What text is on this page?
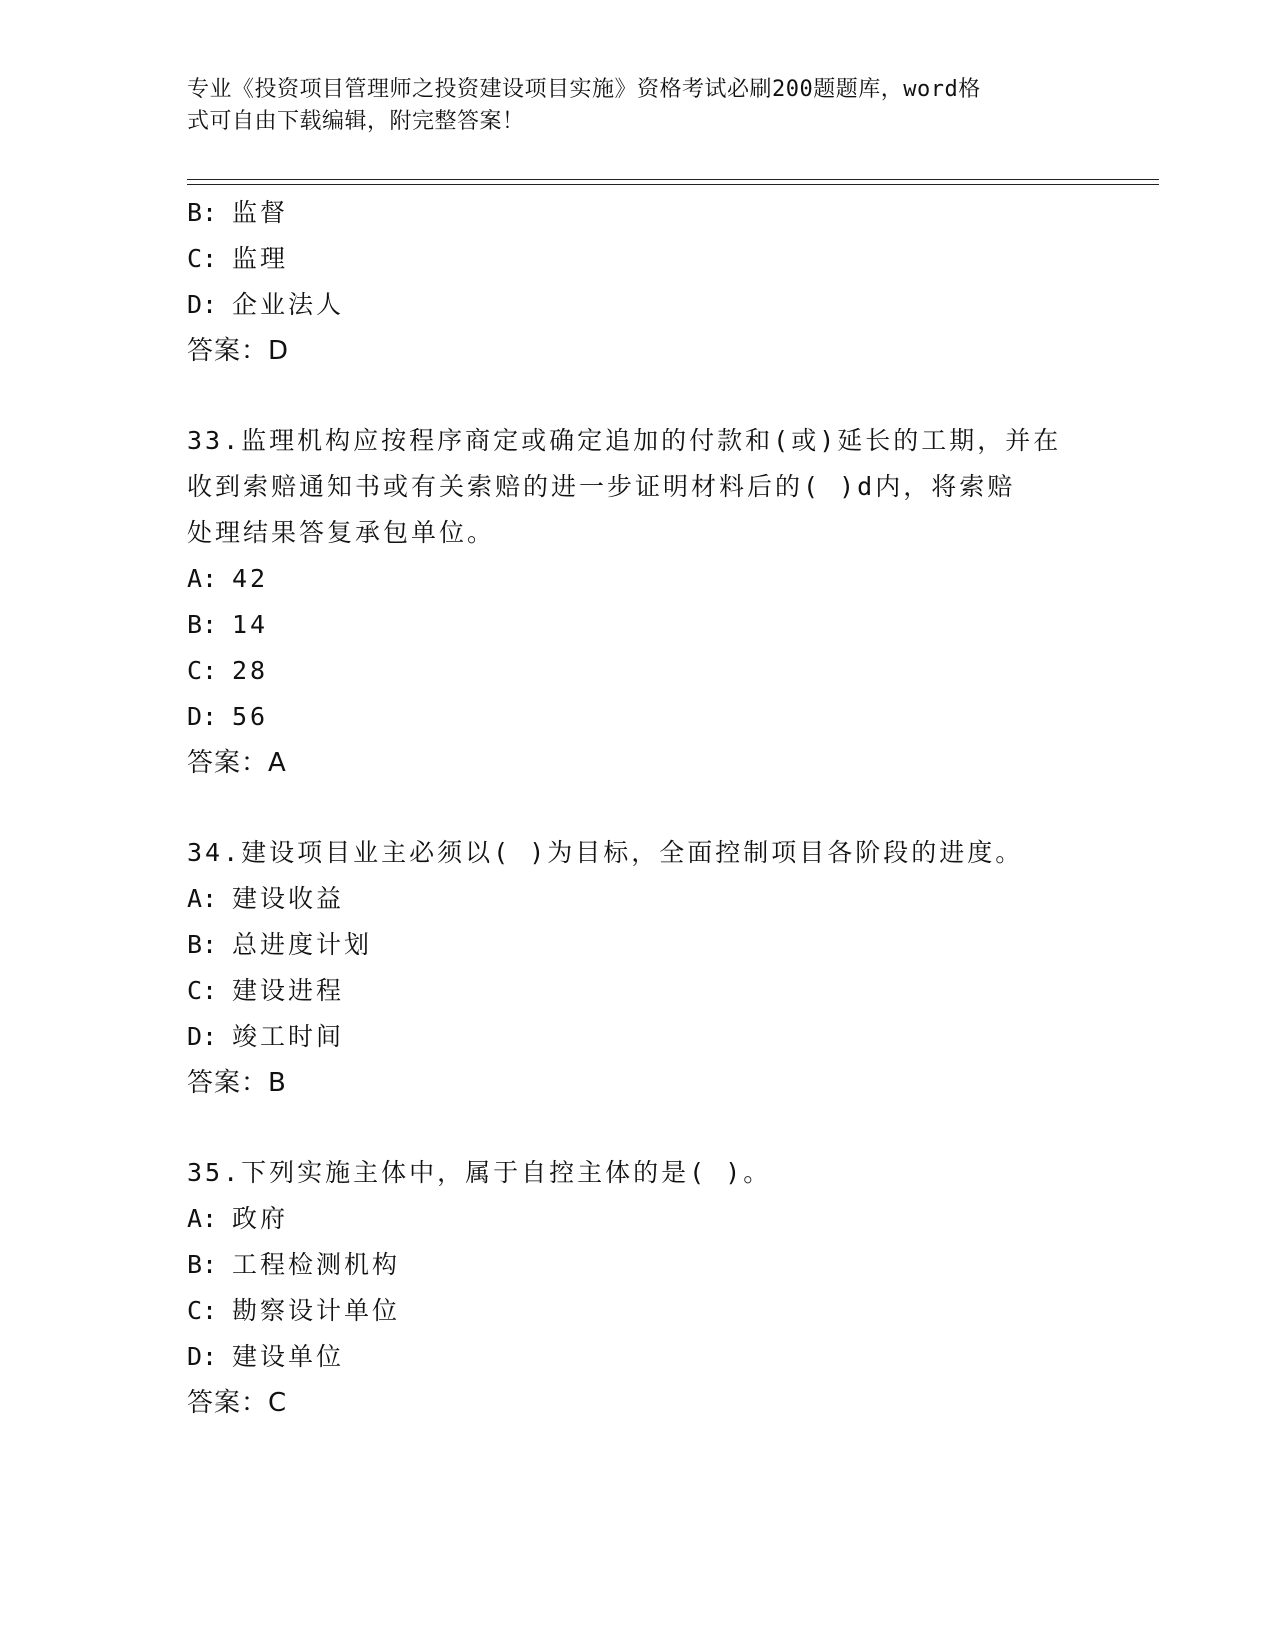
专业《投资项目管理师之投资建设项目实施》资格考试必刷200题题库，word格
式可自由下载编辑，附完整答案！
B: 监督
C: 监理
D: 企业法人
答案：D
33.监理机构应按程序商定或确定追加的付款和(或)延长的工期，并在
收到索赔通知书或有关索赔的进一步证明材料后的( )d内，将索赔
处理结果答复承包单位。
A: 42
B: 14
C: 28
D: 56
答案：A
34.建设项目业主必须以( )为目标，全面控制项目各阶段的进度。
A: 建设收益
B: 总进度计划
C: 建设进程
D: 竣工时间
答案：B
35.下列实施主体中，属于自控主体的是( )。
A: 政府
B: 工程检测机构
C: 勘察设计单位
D: 建设单位
答案：C
